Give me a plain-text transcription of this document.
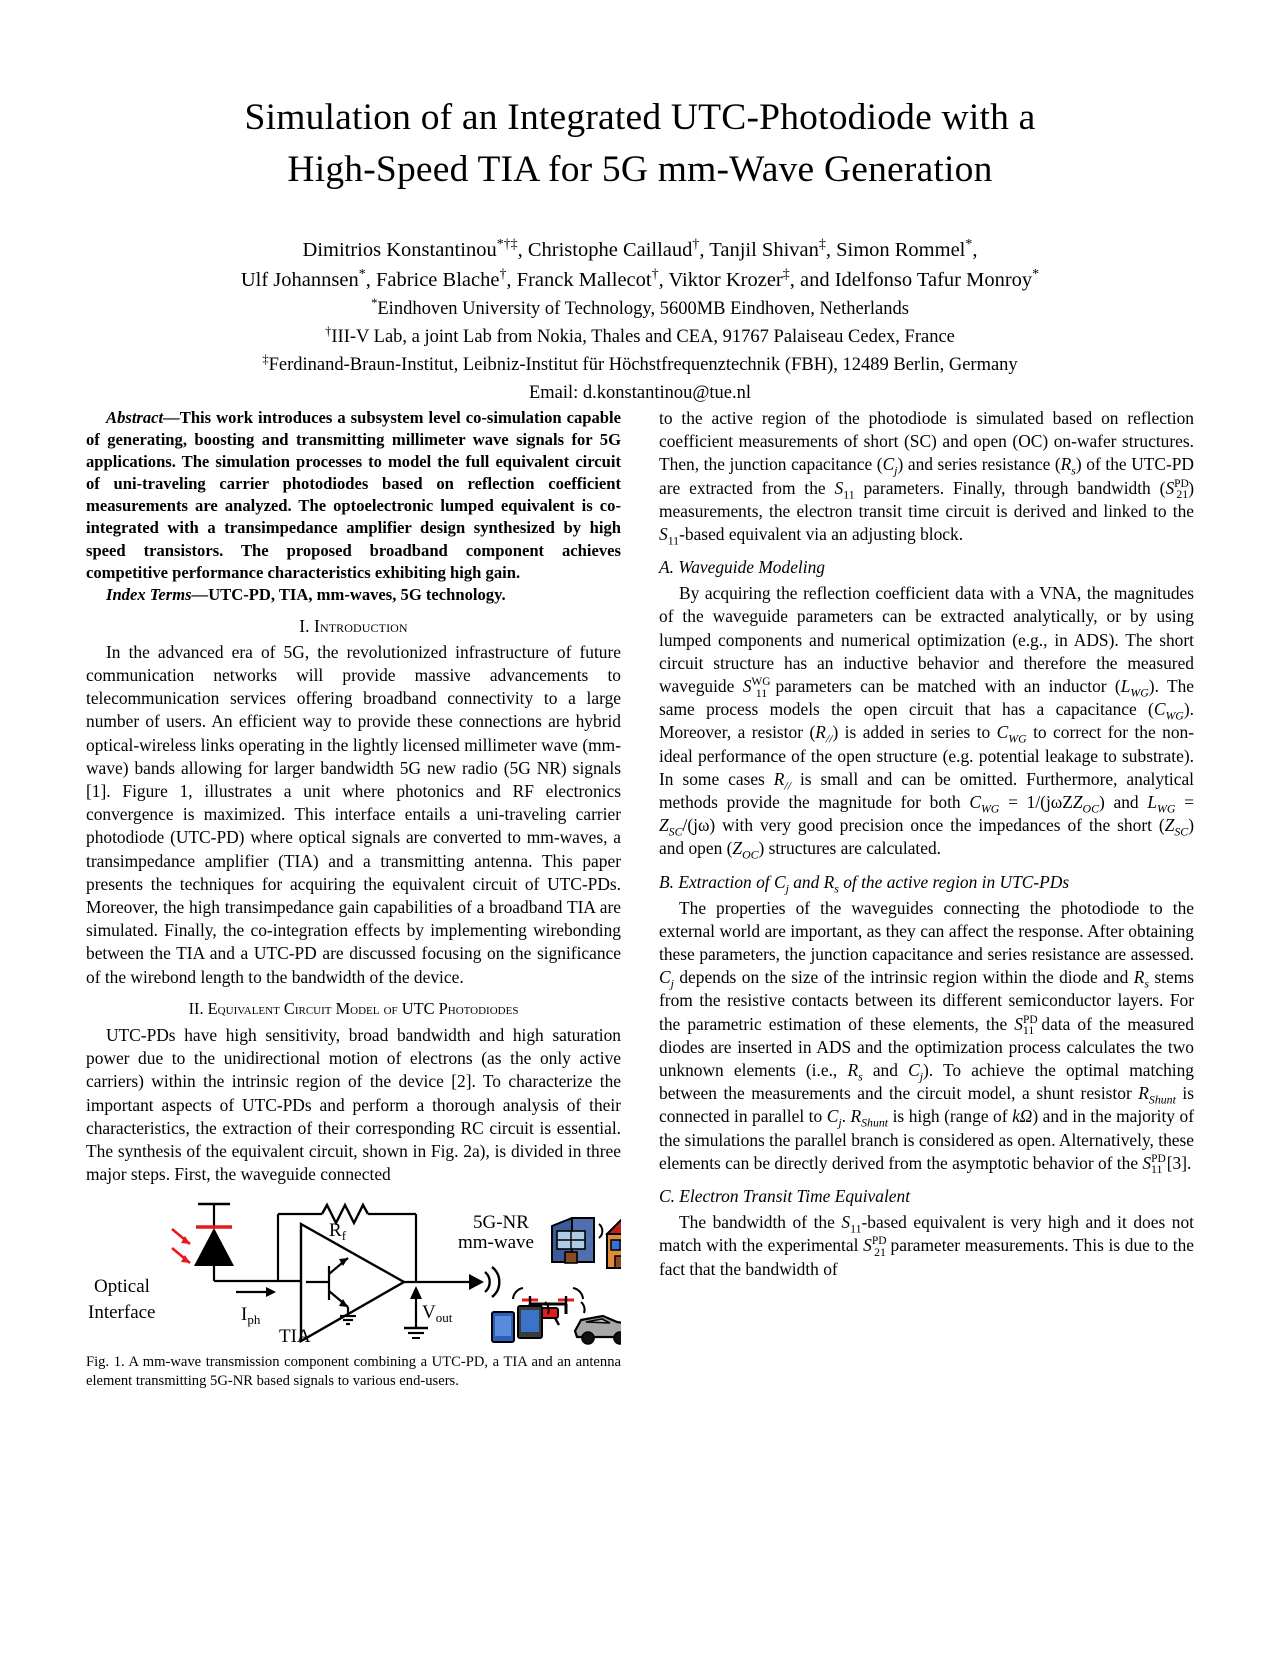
Simulation of an Integrated UTC-Photodiode with a
High-Speed TIA for 5G mm-Wave Generation
Dimitrios Konstantinou*†‡, Christophe Caillaud†, Tanjil Shivan‡, Simon Rommel*,
Ulf Johannsen*, Fabrice Blache†, Franck Mallecot†, Viktor Krozer‡, and Idelfonso Tafur Monroy*
*Eindhoven University of Technology, 5600MB Eindhoven, Netherlands
†III-V Lab, a joint Lab from Nokia, Thales and CEA, 91767 Palaiseau Cedex, France
‡Ferdinand-Braun-Institut, Leibniz-Institut für Höchstfrequenztechnik (FBH), 12489 Berlin, Germany
Email: d.konstantinou@tue.nl
Abstract—This work introduces a subsystem level co-simulation capable of generating, boosting and transmitting millimeter wave signals for 5G applications. The simulation processes to model the full equivalent circuit of uni-traveling carrier photodiodes based on reflection coefficient measurements are analyzed. The optoelectronic lumped equivalent is co-integrated with a transimpedance amplifier design synthesized by high speed transistors. The proposed broadband component achieves competitive performance characteristics exhibiting high gain.
Index Terms—UTC-PD, TIA, mm-waves, 5G technology.
I. Introduction

In the advanced era of 5G, the revolutionized infrastructure of future communication networks will provide massive advancements to telecommunication services offering broadband connectivity to a large number of users. An efficient way to provide these connections are hybrid optical-wireless links operating in the lightly licensed millimeter wave (mm-wave) bands allowing for larger bandwidth 5G new radio (5G NR) signals [1]. Figure 1, illustrates a unit where photonics and RF electronics convergence is maximized. This interface entails a uni-traveling carrier photodiode (UTC-PD) where optical signals are converted to mm-waves, a transimpedance amplifier (TIA) and a transmitting antenna. This paper presents the techniques for acquiring the equivalent circuit of UTC-PDs. Moreover, the high transimpedance gain capabilities of a broadband TIA are simulated. Finally, the co-integration effects by implementing wirebonding between the TIA and a UTC-PD are discussed focusing on the significance of the wirebond length to the bandwidth of the device.

II. Equivalent Circuit Model of UTC Photodiodes

UTC-PDs have high sensitivity, broad bandwidth and high saturation power due to the unidirectional motion of electrons (as the only active carriers) within the intrinsic region of the device [2]. To characterize the important aspects of UTC-PDs and perform a thorough analysis of their characteristics, the extraction of their corresponding RC circuit is essential. The synthesis of the equivalent circuit, shown in Fig. 2a), is divided in three major steps. First, the waveguide connected

Optical
Interface	$I_{ph}$
TIA
$R_f$
$V_{out}$
5G-NR
mm-wave
Fig. 1. A mm-wave transmission component combining a UTC-PD, a TIA and an antenna element transmitting 5G-NR based signals to various end-users.

to the active region of the photodiode is simulated based on reflection coefficient measurements of short (SC) and open (OC) on-wafer structures. Then, the junction capacitance $(C_j)$ and series resistance $(R_s)$ of the UTC-PD are extracted from the $S_{11}$ parameters. Finally, through bandwidth $(S^{PD}_{21})$ measurements, the electron transit time circuit is derived and linked to the $S_{11}$-based equivalent via an adjusting block.

A. Waveguide Modeling

By acquiring the reflection coefficient data with a VNA, the magnitudes of the waveguide parameters can be extracted analytically, or by using lumped components and numerical optimization (e.g., in ADS). The short circuit structure has an inductive behavior and therefore the measured waveguide $S^{WG}_{11}$ parameters can be matched with an inductor $(L_{WG})$. The same process models the open circuit that has a capacitance $(C_{WG})$. Moreover, a resistor $(R_{//})$ is added in series to $C_{WG}$ to correct for the non-ideal performance of the open structure (e.g. potential leakage to substrate). In some cases $R_{//}$ is small and can be omitted. Furthermore, analytical methods provide the magnitude for both $C_{WG} = 1/(j\omega ZZ_{OC})$ and $L_{WG} = Z_{SC}/(j\omega)$ with very good precision once the impedances of the short $(Z_{SC})$ and open $(Z_{OC})$ structures are calculated.

B. Extraction of $C_j$ and $R_s$ of the active region in UTC-PDs

The properties of the waveguides connecting the photodiode to the external world are important, as they can affect the response. After obtaining these parameters, the junction capacitance and series resistance are assessed. $C_j$ depends on the size of the intrinsic region within the diode and $R_s$ stems from the resistive contacts between its different semiconductor layers. For the parametric estimation of these elements, the $S^{PD}_{11}$ data of the measured diodes are inserted in ADS and the optimization process calculates the two unknown elements (i.e., $R_s$ and $C_j$). To achieve the optimal matching between the measurements and the circuit model, a shunt resistor $R_{Shunt}$ is connected in parallel to $C_j$. $R_{Shunt}$ is high (range of kΩ) and in the majority of the simulations the parallel branch is considered as open. Alternatively, these elements can be directly derived from the asymptotic behavior of the $S^{PD}_{11}$ [3].

C. Electron Transit Time Equivalent

The bandwidth of the $S_{11}$-based equivalent is very high and it does not match with the experimental $S^{PD}_{21}$ parameter measurements. This is due to the fact that the bandwidth of
